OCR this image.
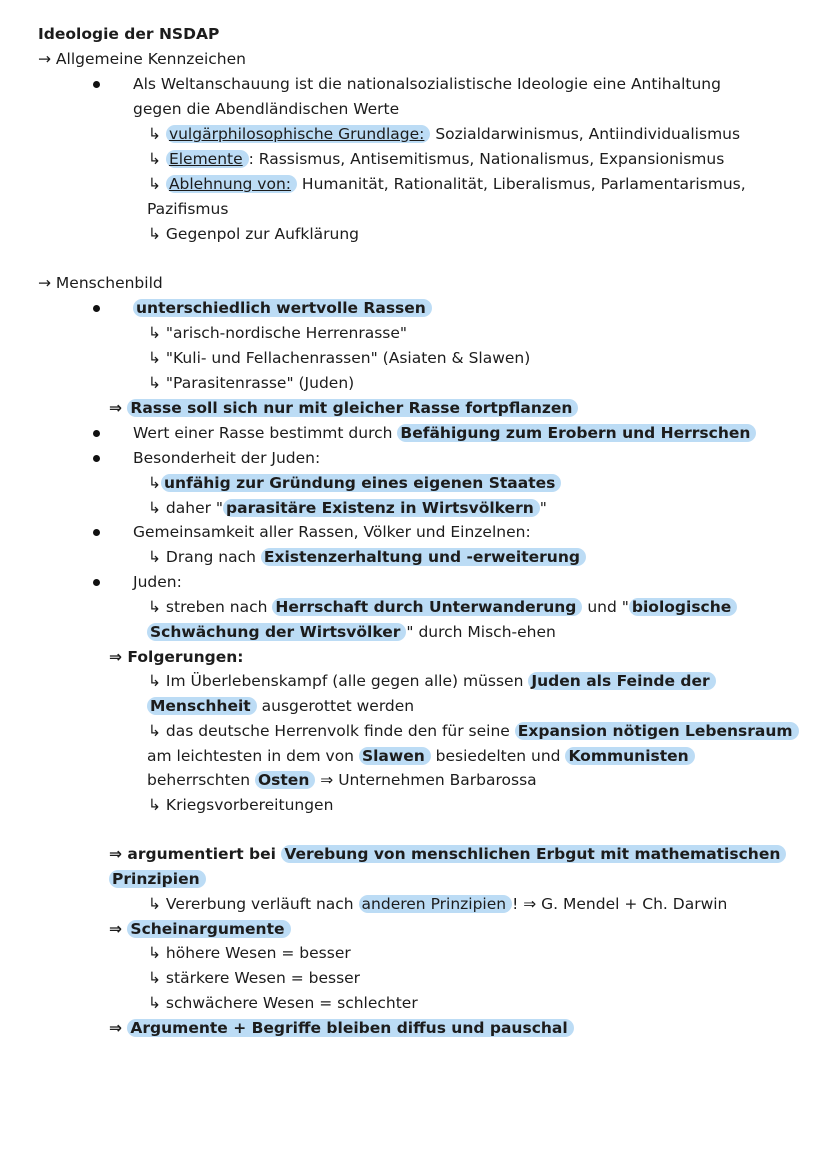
Ideologie der NSDAP
→ Allgemeine Kennzeichen
Als Weltanschauung ist die nationalsozialistische Ideologie eine Antihaltung
gegen die Abendländischen Werte
↳ vulgärphilosophische Grundlage: Sozialdarwinismus, Antiindividualismus
↳ Elemente : Rassismus, Antisemitismus, Nationalismus, Expansionismus
↳ Ablehnung von: Humanität, Rationalität, Liberalismus, Parlamentarismus,
Pazifismus
↳ Gegenpol zur Aufklärung
→ Menschenbild
unterschiedlich wertvolle Rassen
↳ "arisch-nordische Herrenrasse"
↳ "Kuli- und Fellachenrassen" (Asiaten & Slawen)
↳ "Parasitenrasse" (Juden)
⇒ Rasse soll sich nur mit gleicher Rasse fortpflanzen
Wert einer Rasse bestimmt durch Befähigung zum Erobern und Herrschen
Besonderheit der Juden:
↳ unfähig zur Gründung eines eigenen Staates
↳ daher " parasitäre Existenz in Wirtsvölkern "
Gemeinsamkeit aller Rassen, Völker und Einzelnen:
↳ Drang nach Existenzerhaltung und -erweiterung
Juden:
↳ streben nach Herrschaft durch Unterwanderung und " biologische
Schwächung der Wirtsvölker " durch Misch-ehen
⇒ Folgerungen:
↳ Im Überlebenskampf (alle gegen alle) müssen Juden als Feinde der
Menschheit ausgerottet werden
↳ das deutsche Herrenvolk finde den für seine Expansion nötigen Lebensraum
am leichtesten in dem von Slawen besiedelten und Kommunisten
beherrschten Osten ⇒ Unternehmen Barbarossa
↳ Kriegsvorbereitungen
⇒ argumentiert bei Verebung von menschlichen Erbgut mit mathematischen
Prinzipien
↳ Vererbung verläuft nach anderen Prinzipien ! ⇒ G. Mendel + Ch. Darwin
⇒ Scheinargumente
↳ höhere Wesen = besser
↳ stärkere Wesen = besser
↳ schwächere Wesen = schlechter
⇒ Argumente + Begriffe bleiben diffus und pauschal
